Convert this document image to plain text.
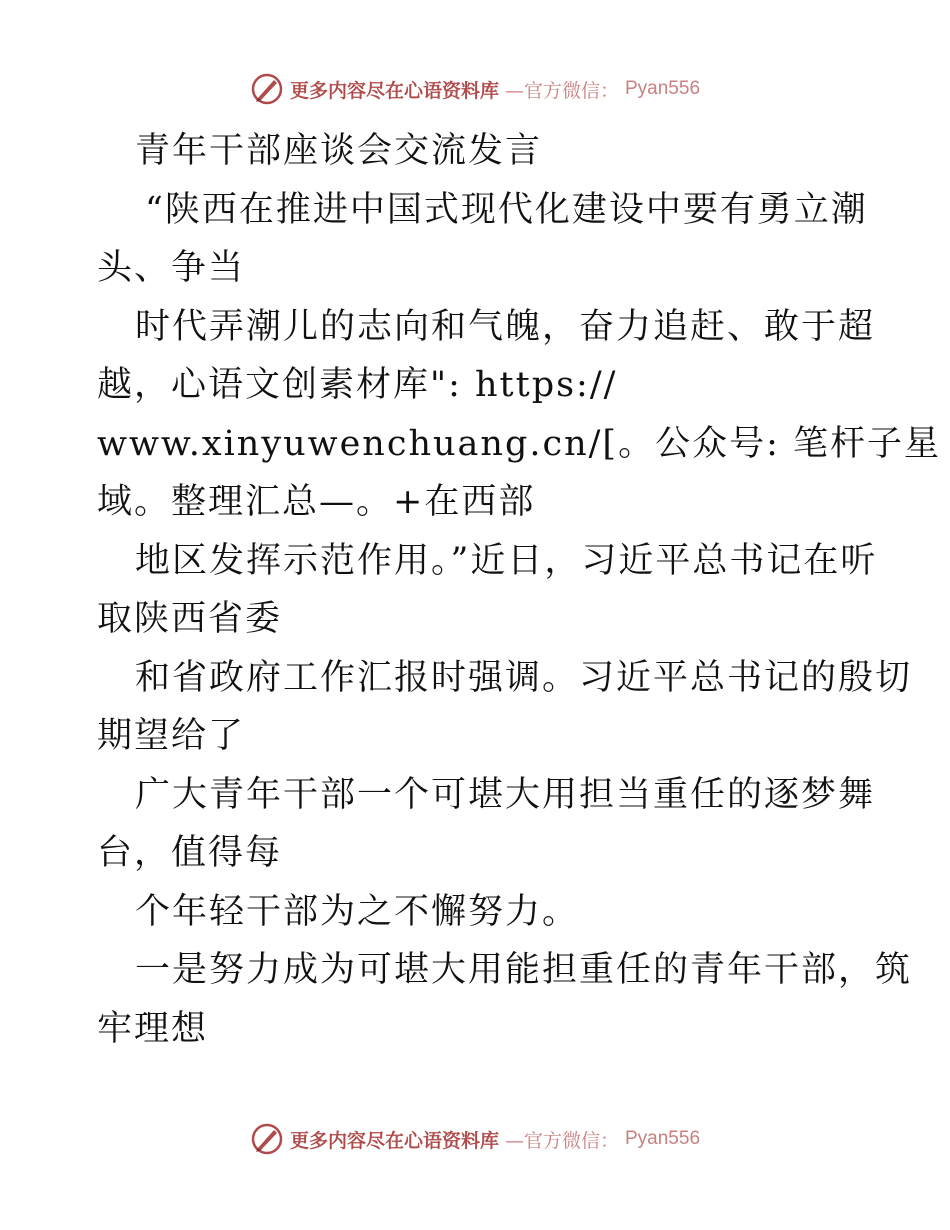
更多内容尽在心语资料库 —官方微信： Pyan556
青年干部座谈会交流发言
“陕西在推进中国式现代化建设中要有勇立潮
头、争当
时代弄潮儿的志向和气魄，奋力追赶、敢于超
越，心语文创素材库": https://
www.xinyuwenchuang.cn/[。公众号: 笔杆子星
域。整理汇总—。+在西部
地区发挥示范作用。”近日，习近平总书记在听
取陕西省委
和省政府工作汇报时强调。习近平总书记的殷切
期望给了
广大青年干部一个可堪大用担当重任的逐梦舞
台，值得每
个年轻干部为之不懈努力。
一是努力成为可堪大用能担重任的青年干部，筑
牢理想
更多内容尽在心语资料库 —官方微信： Pyan556
